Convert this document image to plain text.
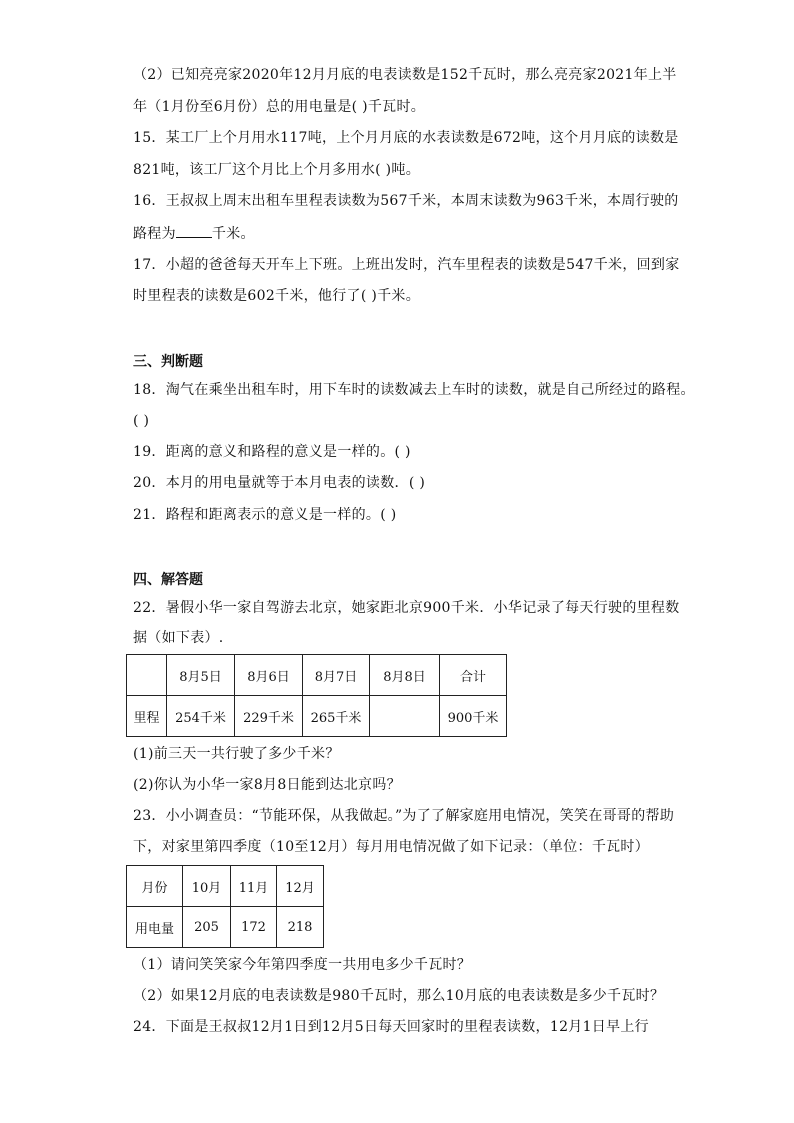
（2）已知亮亮家2020年12月月底的电表读数是152千瓦时，那么亮亮家2021年上半
年（1月份至6月份）总的用电量是( )千瓦时。
15．某工厂上个月用水117吨，上个月月底的水表读数是672吨，这个月月底的读数是
821吨，该工厂这个月比上个月多用水( )吨。
16．王叔叔上周末出租车里程表读数为567千米，本周末读数为963千米，本周行驶的
路程为	千米。
17．小超的爸爸每天开车上下班。上班出发时，汽车里程表的读数是547千米，回到家
时里程表的读数是602千米，他行了( )千米。
三、判断题
18．淘气在乘坐出租车时，用下车时的读数减去上车时的读数，就是自己所经过的路程。
( )
19．距离的意义和路程的意义是一样的。( )
20．本月的用电量就等于本月电表的读数．( )
21．路程和距离表示的意义是一样的。( )
四、解答题
22．暑假小华一家自驾游去北京，她家距北京900千米．小华记录了每天行驶的里程数
据（如下表）.
	8月5日	8月6日	8月7日	8月8日	合计
里程	254千米	229千米	265千米		900千米
(1)前三天一共行驶了多少千米？
(2)你认为小华一家8月8日能到达北京吗？
23．小小调查员：“节能环保，从我做起。”为了了解家庭用电情况，笑笑在哥哥的帮助
下，对家里第四季度（10至12月）每月用电情况做了如下记录：（单位：千瓦时）
月份	10月	11月	12月
用电量	205	172	218
（1）请问笑笑家今年第四季度一共用电多少千瓦时？
（2）如果12月底的电表读数是980千瓦时，那么10月底的电表读数是多少千瓦时？
24．下面是王叔叔12月1日到12月5日每天回家时的里程表读数，12月1日早上行
